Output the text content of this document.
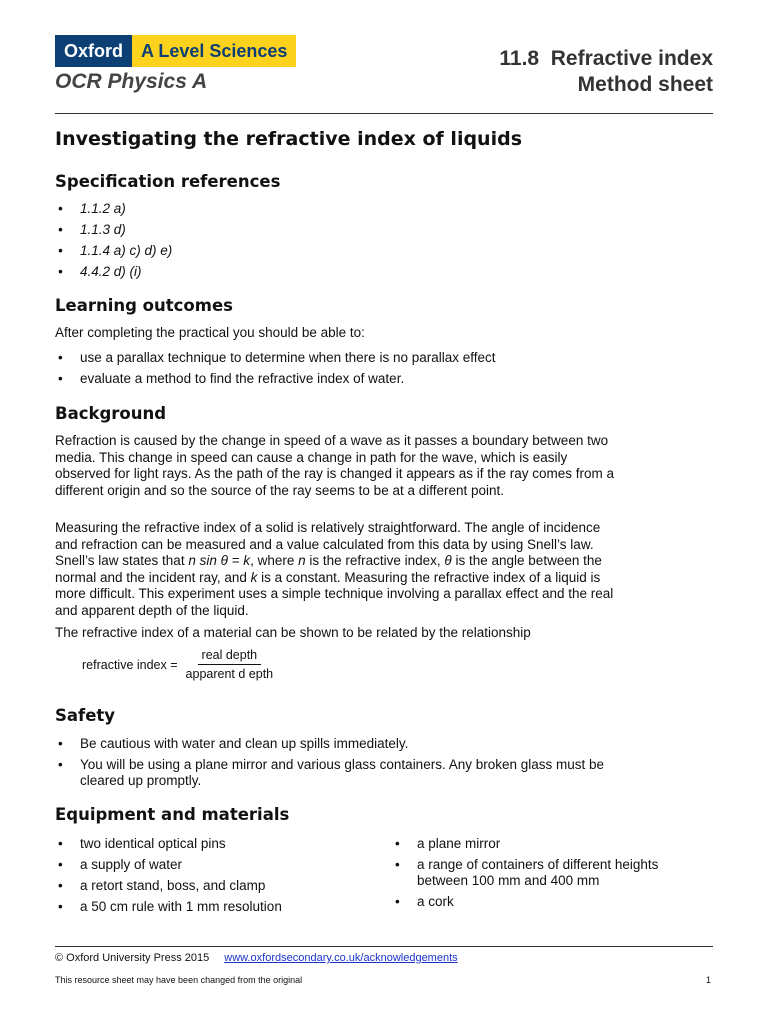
Oxford	A Level Sciences
OCR Physics A
11.8  Refractive index
Method sheet
Investigating the refractive index of liquids
Specification references
• 1.1.2 a)
• 1.1.3 d)
• 1.1.4 a) c) d) e)
• 4.4.2 d) (i)
Learning outcomes

After completing the practical you should be able to:

• use a parallax technique to determine when there is no parallax effect
• evaluate a method to find the refractive index of water.
Background

Refraction is caused by the change in speed of a wave as it passes a boundary between two media. This change in speed can cause a change in path for the wave, which is easily observed for light rays. As the path of the ray is changed it appears as if the ray comes from a different origin and so the source of the ray seems to be at a different point.

Measuring the refractive index of a solid is relatively straightforward. The angle of incidence and refraction can be measured and a value calculated from this data by using Snell’s law. Snell’s law states that n sin θ = k, where n is the refractive index, θ is the angle between the normal and the incident ray, and k is a constant. Measuring the refractive index of a liquid is more difficult. This experiment uses a simple technique involving a parallax effect and the real and apparent depth of the liquid.

The refractive index of a material can be shown to be related by the relationship

refractive index = $\frac{\text{real depth}}{\text{apparent d epth}}$
Safety
• Be cautious with water and clean up spills immediately.
• You will be using a plane mirror and various glass containers. Any broken glass must be cleared up promptly.
Equipment and materials
• two identical optical pins
• a supply of water
• a retort stand, boss, and clamp
• a 50 cm rule with 1 mm resolution
• a plane mirror
• a range of containers of different heights between 100 mm and 400 mm
• a cork
© Oxford University Press 2015 www.oxfordsecondary.co.uk/acknowledgements
This resource sheet may have been changed from the original	1
